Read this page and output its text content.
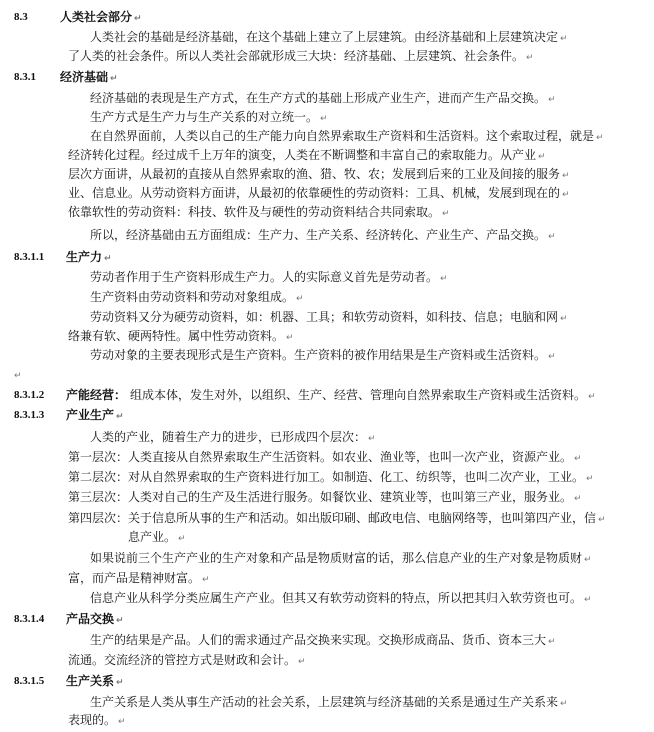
8.3	人类社会部分 ↵
人类社会的基础是经济基础，在这个基础上建立了上层建筑。由经济基础和上层建筑决定 ↵
了人类的社会条件。所以人类社会部就形成三大块：经济基础、上层建筑、社会条件。 ↵
8.3.1 经济基础 ↵
经济基础的表现是生产方式，在生产方式的基础上形成产业生产，进而产生产品交换。 ↵
生产方式是生产力与生产关系的对立统一。 ↵
在自然界面前，人类以自己的生产能力向自然界索取生产资料和生活资料。这个索取过程，就是 ↵
经济转化过程。经过成千上万年的演变，人类在不断调整和丰富自己的索取能力。从产业 ↵
层次方面讲，从最初的直接从自然界索取的渔、猎、牧、农；发展到后来的工业及间接的服务 ↵
业、信息业。从劳动资料方面讲，从最初的依靠硬性的劳动资料：工具、机械，发展到现在的 ↵
依靠软性的劳动资料：科技、软件及与硬性的劳动资料结合共同索取。 ↵
所以，经济基础由五方面组成：生产力、生产关系、经济转化、产业生产、产品交换。 ↵
8.3.1.1 生产力 ↵
劳动者作用于生产资料形成生产力。人的实际意义首先是劳动者。 ↵
生产资料由劳动资料和劳动对象组成。 ↵
劳动资料又分为硬劳动资料，如：机器、工具；和软劳动资料，如科技、信息；电脑和网 ↵
络兼有软、硬两特性。属中性劳动资料。 ↵
劳动对象的主要表现形式是生产资料。生产资料的被作用结果是生产资料或生活资料。 ↵
↵
8.3.1.2 产能经营： 组成本体，发生对外，以组织、生产、经营、管理向自然界索取生产资料或生活资料。 ↵
8.3.1.3 产业生产 ↵
人类的产业，随着生产力的进步，已形成四个层次： ↵
第一层次： 人类直接从自然界索取生产生活资料。如农业、渔业等，也叫一次产业，资源产业。 ↵
第二层次： 对从自然界索取的生产资料进行加工。如制造、化工、纺织等，也叫二次产业，工业。 ↵
第三层次： 人类对自己的生产及生活进行服务。如餐饮业、建筑业等，也叫第三产业，服务业。 ↵
第四层次： 关于信息所从事的生产和活动。如出版印刷、邮政电信、电脑网络等，也叫第四产业，信 ↵
息产业。 ↵
如果说前三个生产产业的生产对象和产品是物质财富的话，那么信息产业的生产对象是物质财 ↵
富，而产品是精神财富。 ↵
信息产业从科学分类应属生产产业。但其又有软劳动资料的特点，所以把其归入软劳资也可。 ↵
8.3.1.4 产品交换 ↵
生产的结果是产品。人们的需求通过产品交换来实现。交换形成商品、货币、资本三大 ↵
流通。交流经济的管控方式是财政和会计。 ↵
8.3.1.5 生产关系 ↵
生产关系是人类从事生产活动的社会关系，上层建筑与经济基础的关系是通过生产关系来 ↵
表现的。 ↵
